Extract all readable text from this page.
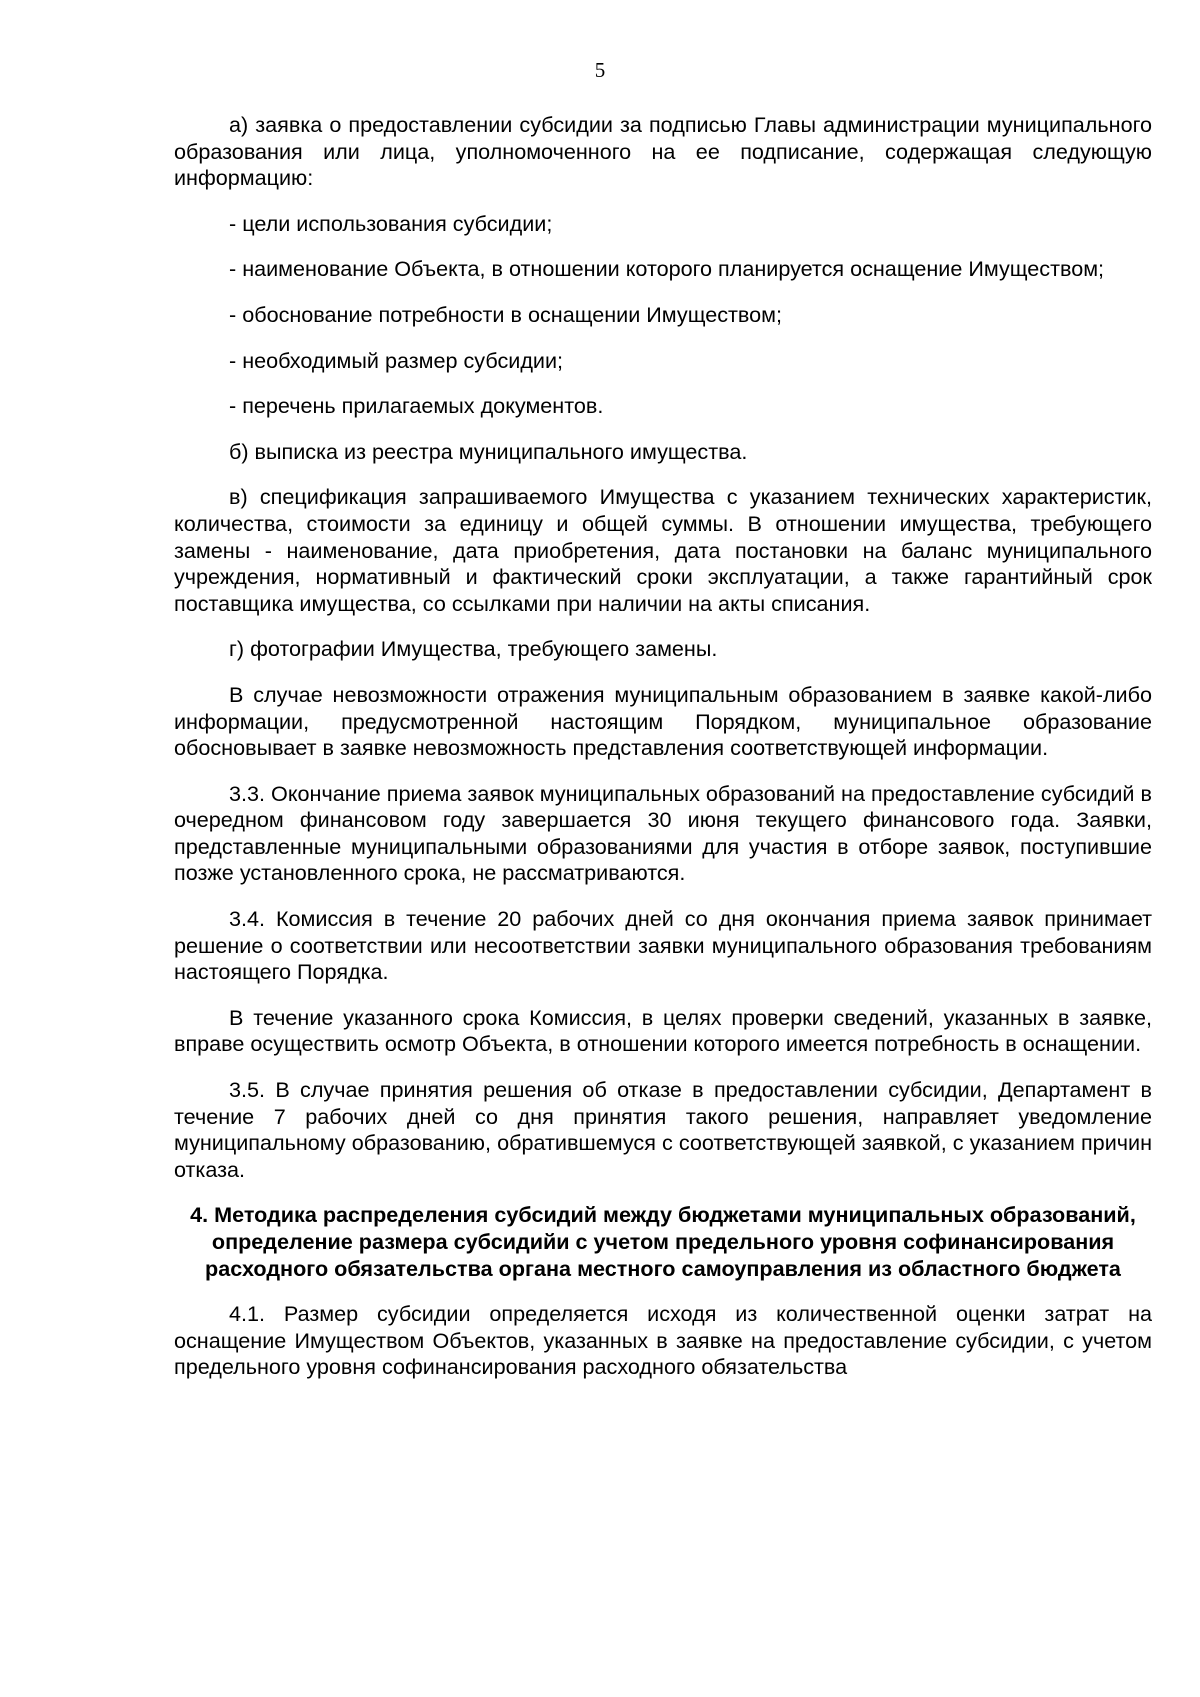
5

а) заявка о предоставлении субсидии за подписью Главы администрации муниципального образования или лица, уполномоченного на ее подписание, содержащая следующую информацию:

- цели использования субсидии;

- наименование Объекта, в отношении которого планируется оснащение Имуществом;

- обоснование потребности в оснащении Имуществом;

- необходимый размер субсидии;

- перечень прилагаемых документов.

б) выписка из реестра муниципального имущества.

в) спецификация запрашиваемого Имущества с указанием технических характеристик, количества, стоимости за единицу и общей суммы. В отношении имущества, требующего замены - наименование, дата приобретения, дата постановки на баланс муниципального учреждения, нормативный и фактический сроки эксплуатации, а также гарантийный срок поставщика имущества, со ссылками при наличии на акты списания.

г) фотографии Имущества, требующего замены.

В случае невозможности отражения муниципальным образованием в заявке какой-либо информации, предусмотренной настоящим Порядком, муниципальное образование обосновывает в заявке невозможность представления соответствующей информации.

3.3. Окончание приема заявок муниципальных образований на предоставление субсидий в очередном финансовом году завершается 30 июня текущего финансового года. Заявки, представленные муниципальными образованиями для участия в отборе заявок, поступившие позже установленного срока, не рассматриваются.

3.4. Комиссия в течение 20 рабочих дней со дня окончания приема заявок принимает решение о соответствии или несоответствии заявки муниципального образования требованиям настоящего Порядка.

В течение указанного срока Комиссия, в целях проверки сведений, указанных в заявке, вправе осуществить осмотр Объекта, в отношении которого имеется потребность в оснащении.

3.5. В случае принятия решения об отказе в предоставлении субсидии, Департамент в течение 7 рабочих дней со дня принятия такого решения, направляет уведомление муниципальному образованию, обратившемуся с соответствующей заявкой, с указанием причин отказа.

4. Методика распределения субсидий между бюджетами муниципальных образований, определение размера субсидийи с учетом предельного уровня софинансирования расходного обязательства органа местного самоуправления из областного бюджета

4.1. Размер субсидии определяется исходя из количественной оценки затрат на оснащение Имуществом Объектов, указанных в заявке на предоставление субсидии, с учетом предельного уровня софинансирования расходного обязательства
